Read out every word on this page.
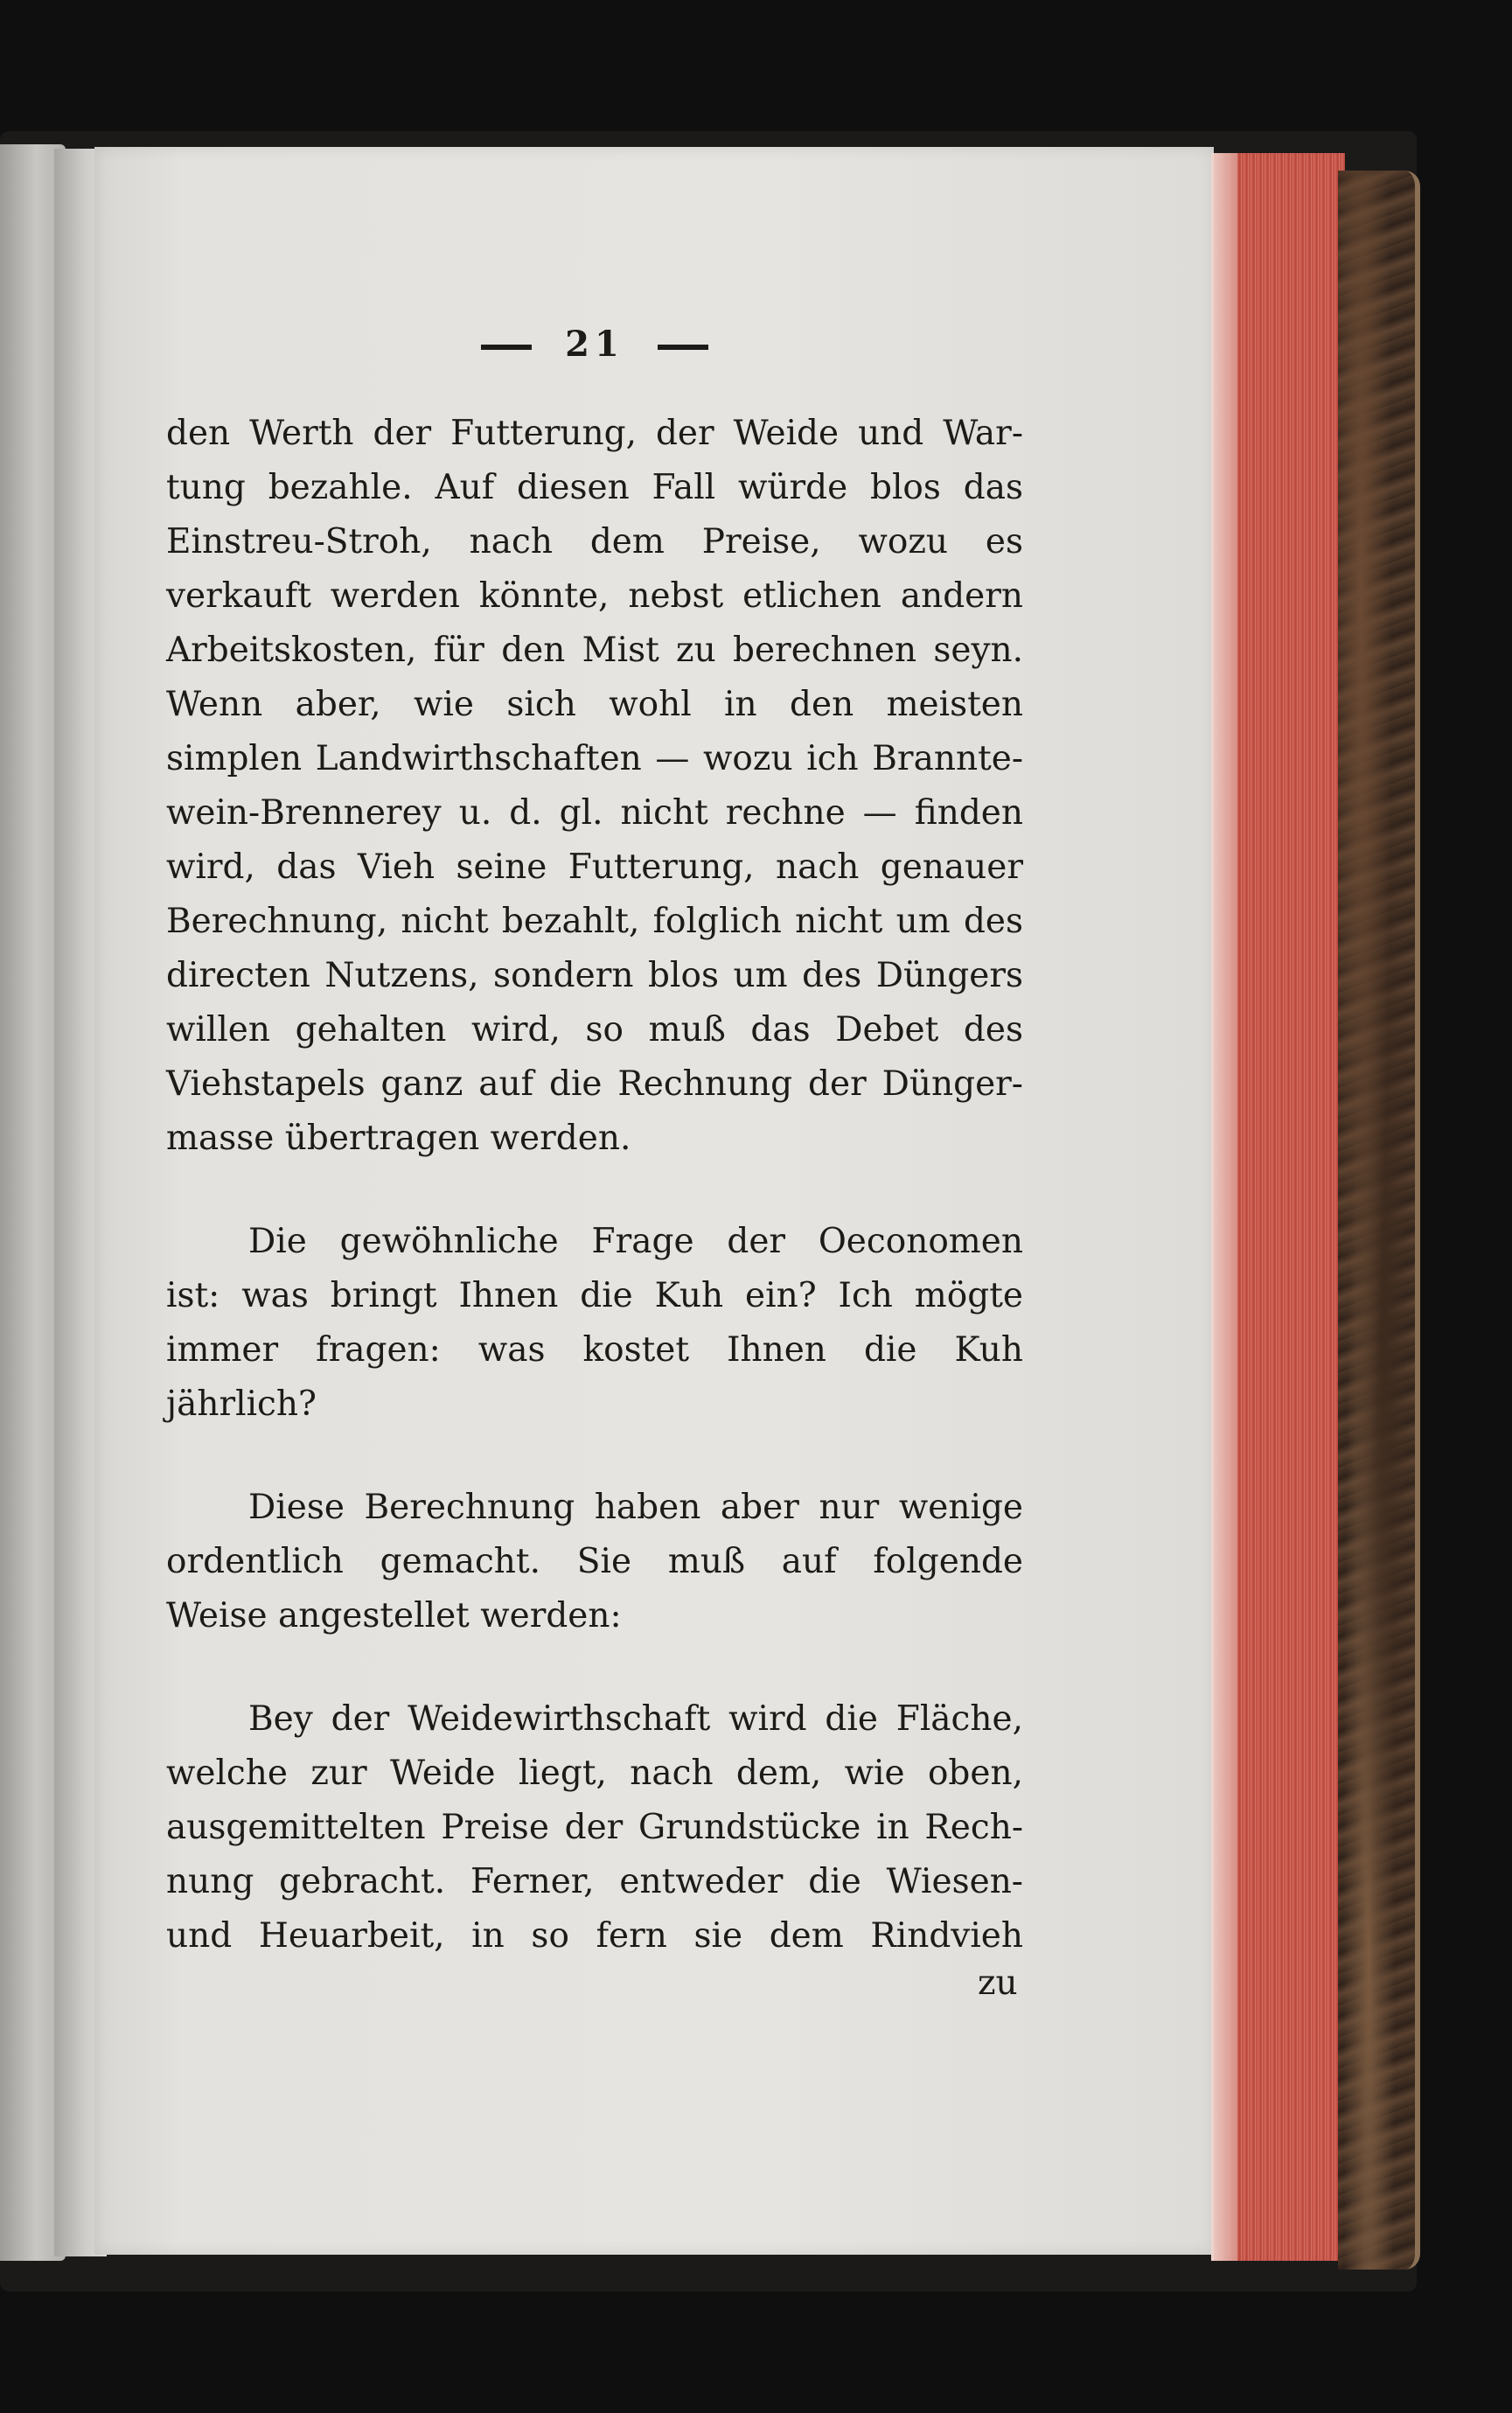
21
den Werth der Futterung, der Weide und War-
tung bezahle. Auf diesen Fall würde blos das
Einstreu-Stroh, nach dem Preise, wozu es
verkauft werden könnte, nebst etlichen andern
Arbeitskosten, für den Mist zu berechnen seyn.
Wenn aber, wie sich wohl in den meisten
simplen Landwirthschaften — wozu ich Brannte-
wein-Brennerey u. d. gl. nicht rechne — finden
wird, das Vieh seine Futterung, nach genauer
Berechnung, nicht bezahlt, folglich nicht um des
directen Nutzens, sondern blos um des Düngers
willen gehalten wird, so muß das Debet des
Viehstapels ganz auf die Rechnung der Dünger-
masse übertragen werden.
Die gewöhnliche Frage der Oeconomen
ist: was bringt Ihnen die Kuh ein? Ich mögte
immer fragen: was kostet Ihnen die Kuh
jährlich?
Diese Berechnung haben aber nur wenige
ordentlich gemacht. Sie muß auf folgende
Weise angestellet werden:
Bey der Weidewirthschaft wird die Fläche,
welche zur Weide liegt, nach dem, wie oben,
ausgemittelten Preise der Grundstücke in Rech-
nung gebracht. Ferner, entweder die Wiesen-
und Heuarbeit, in so fern sie dem Rindvieh
zu
